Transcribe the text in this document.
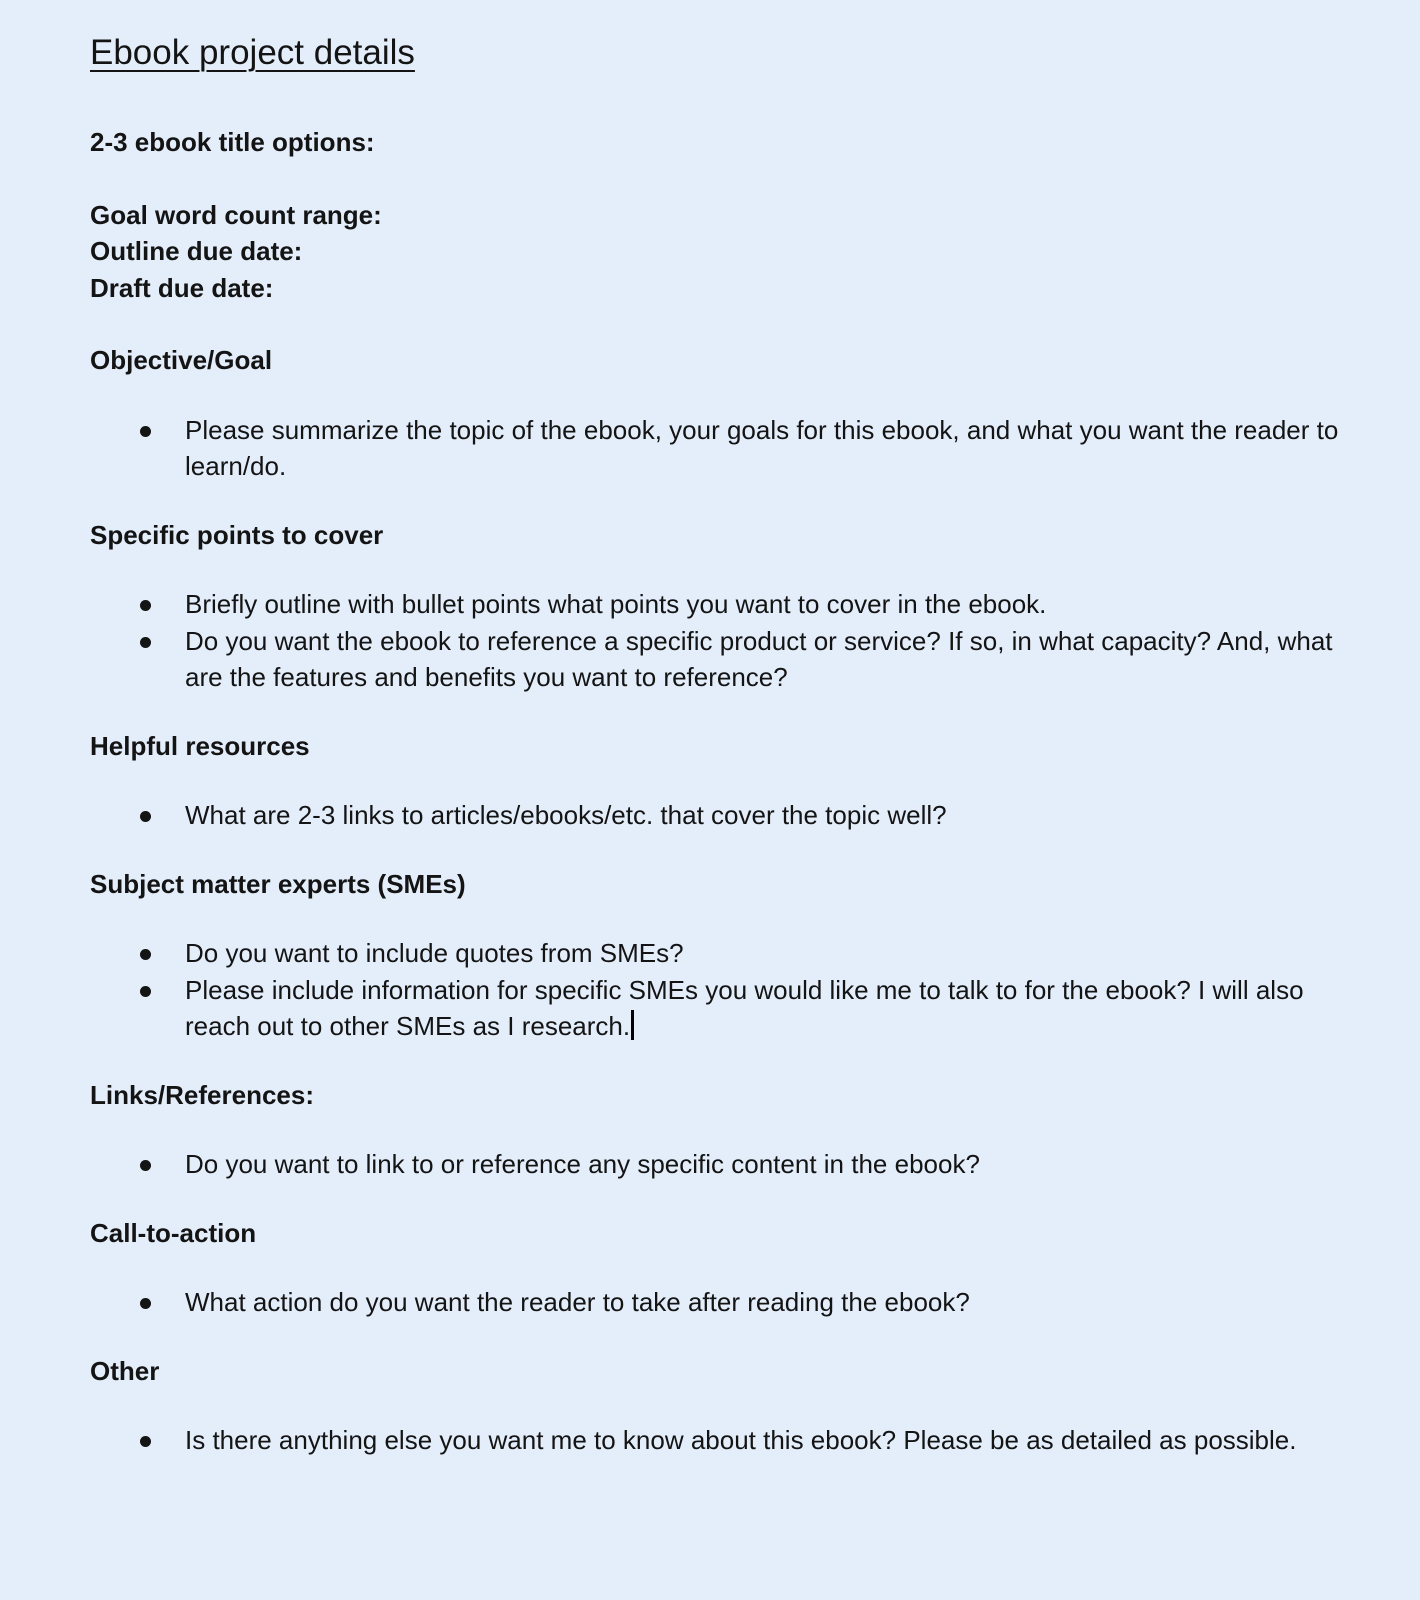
Ebook project details

2-3 ebook title options:

Goal word count range:

Outline due date:

Draft due date:

Objective/Goal
Please summarize the topic of the ebook, your goals for this ebook, and what you want the reader to learn/do.
Specific points to cover
Briefly outline with bullet points what points you want to cover in the ebook.
Do you want the ebook to reference a specific product or service? If so, in what capacity? And, what are the features and benefits you want to reference?
Helpful resources
What are 2-3 links to articles/ebooks/etc. that cover the topic well?
Subject matter experts (SMEs)
Do you want to include quotes from SMEs?
Please include information for specific SMEs you would like me to talk to for the ebook? I will also reach out to other SMEs as I research.
Links/References:
Do you want to link to or reference any specific content in the ebook?
Call-to-action
What action do you want the reader to take after reading the ebook?
Other
Is there anything else you want me to know about this ebook? Please be as detailed as possible.
